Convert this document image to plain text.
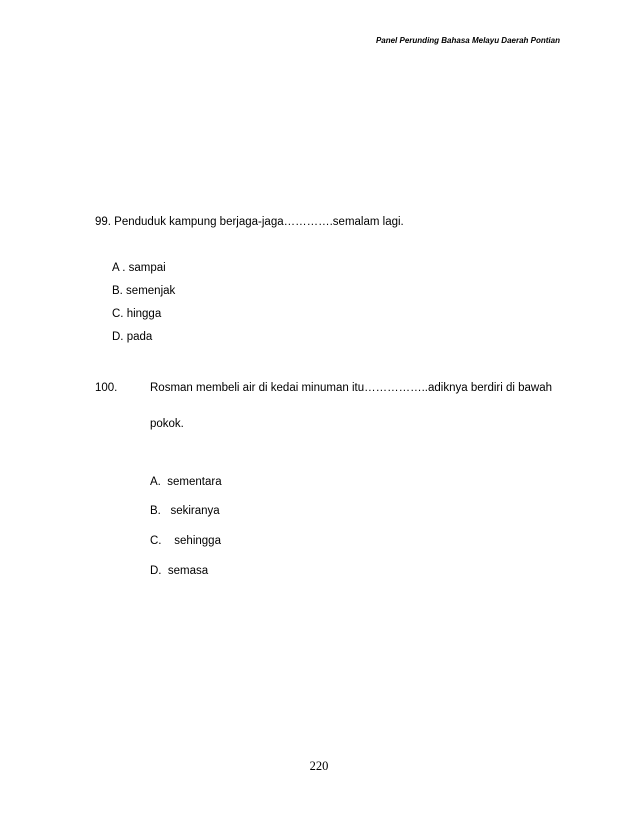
Panel Perunding Bahasa Melayu Daerah Pontian
99. Penduduk kampung berjaga-jaga………….semalam lagi.
A . sampai
B. semenjak
C. hingga
D. pada
100.	Rosman membeli air di kedai minuman itu……………..adiknya berdiri di bawah
pokok.
A.  sementara
B.   sekiranya
C.    sehingga
D.  semasa
220
